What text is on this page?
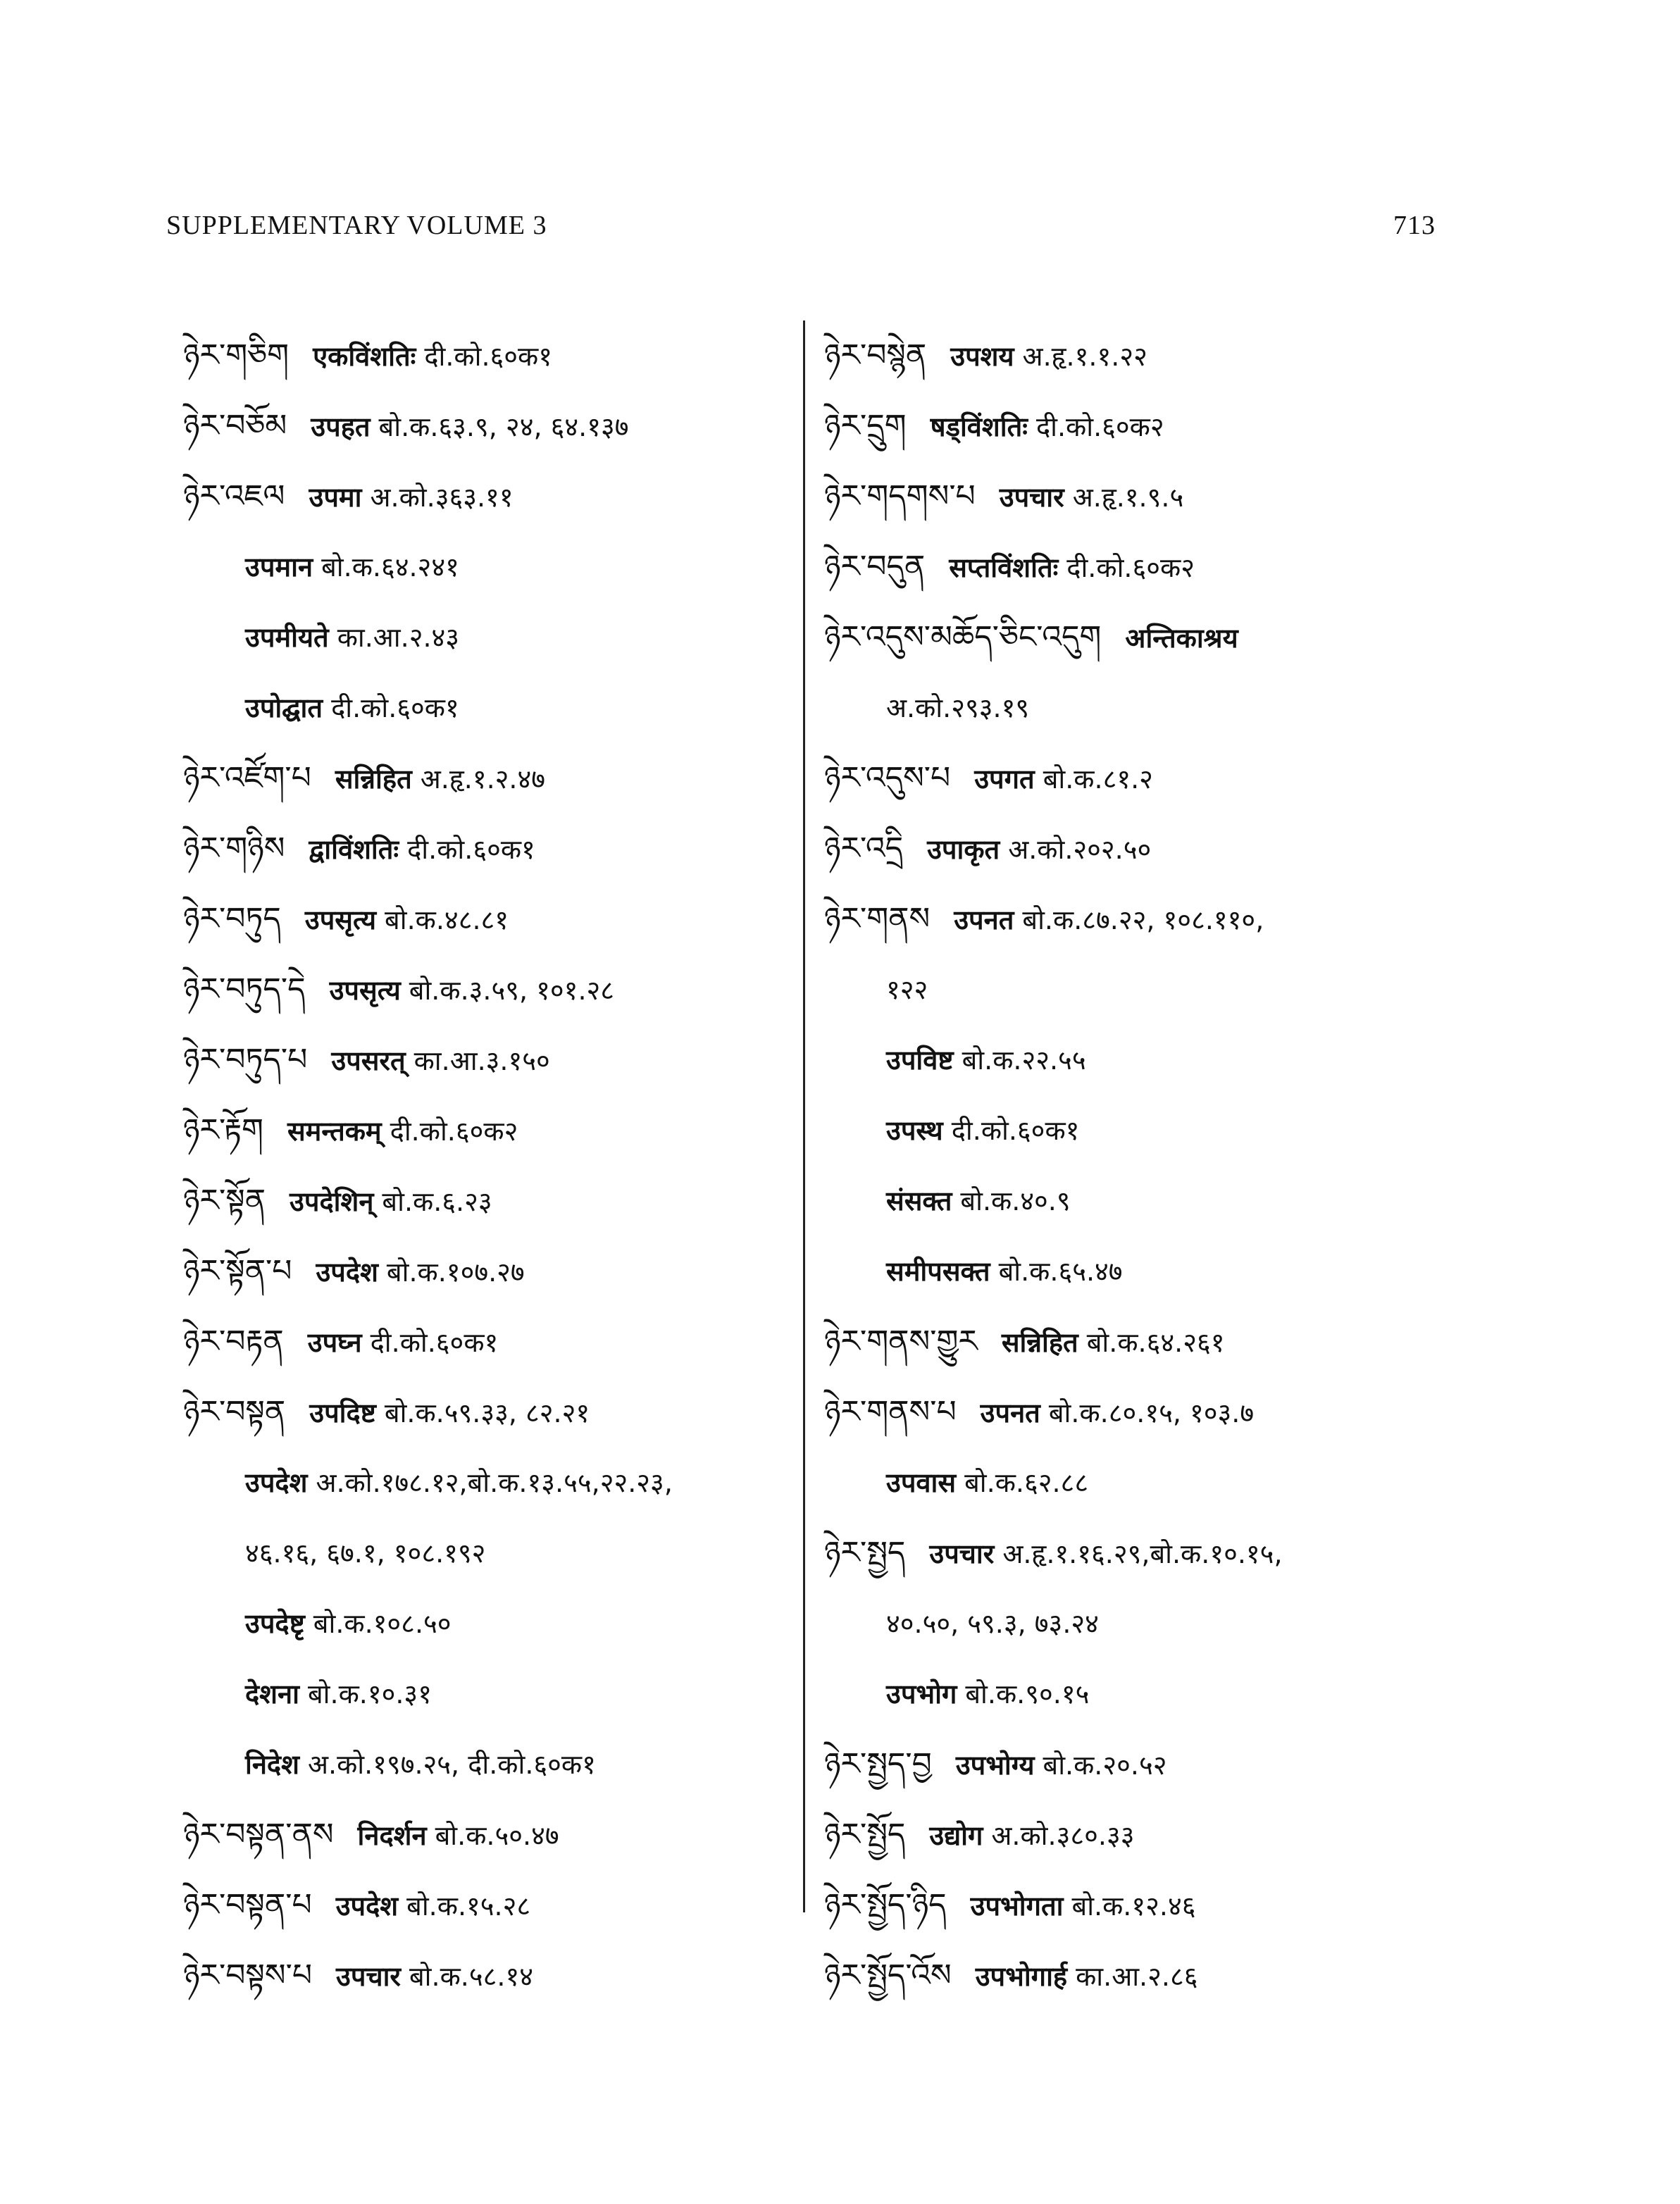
SUPPLEMENTARY VOLUME 3	713
ཉེར་གཅིག एकविंशतिः दी.को.६०क१
ཉེར་བཅོམ उपहत बो.क.६३.९, २४, ६४.१३७
ཉེར་འཇལ उपमा अ.को.३६३.११
उपमान बो.क.६४.२४१
उपमीयते का.आ.२.४३
उपोद्घात दी.को.६०क१
ཉེར་འཛོག་པ सन्निहित अ.हृ.१.२.४७
ཉེར་གཉིས द्वाविंशतिः दी.को.६०क१
ཉེར་བཏུད उपसृत्य बो.क.४८.८१
ཉེར་བཏུད་དེ उपसृत्य बो.क.३.५९, १०१.२८
ཉེར་བཏུད་པ उपसरत् का.आ.३.१५०
ཉེར་རྟོག समन्तकम् दी.को.६०क२
ཉེར་སྟོན उपदेशिन् बो.क.६.२३
ཉེར་སྟོན་པ उपदेश बो.क.१०७.२७
ཉེར་བརྟན उपघ्न दी.को.६०क१
ཉེར་བསྟན उपदिष्ट बो.क.५९.३३, ८२.२१
उपदेश अ.को.१७८.१२,बो.क.१३.५५,२२.२३,
४६.१६, ६७.१, १०८.१९२
उपदेष्टृ बो.क.१०८.५०
देशना बो.क.१०.३१
निदेश अ.को.१९७.२५, दी.को.६०क१
ཉེར་བསྟན་ནས निदर्शन बो.क.५०.४७
ཉེར་བསྟན་པ उपदेश बो.क.१५.२८
ཉེར་བསྟས་པ उपचार बो.क.५८.१४
ཉེར་བསྙེན उपशय अ.हृ.१.१.२२
ཉེར་དྲུག षड्विंशतिः दी.को.६०क२
ཉེར་གདགས་པ उपचार अ.हृ.१.९.५
ཉེར་བདུན सप्तविंशतिः दी.को.६०क२
ཉེར་འདུས་མཆོད་ཅིང་འདུག अन्तिकाश्रय
अ.को.२९३.१९
ཉེར་འདུས་པ उपगत बो.क.८१.२
ཉེར་འདྲི उपाकृत अ.को.२०२.५०
ཉེར་གནས उपनत बो.क.८७.२२, १०८.११०,
१२२
उपविष्ट बो.क.२२.५५
उपस्थ दी.को.६०क१
संसक्त बो.क.४०.९
समीपसक्त बो.क.६५.४७
ཉེར་གནས་གྱུར सन्निहित बो.क.६४.२६१
ཉེར་གནས་པ उपनत बो.क.८०.१५, १०३.७
उपवास बो.क.६२.८८
ཉེར་སྤྱད उपचार अ.हृ.१.१६.२९,बो.क.१०.१५,
४०.५०, ५९.३, ७३.२४
उपभोग बो.क.९०.१५
ཉེར་སྤྱད་བྱ उपभोग्य बो.क.२०.५२
ཉེར་སྤྱོད उद्योग अ.को.३८०.३३
ཉེར་སྤྱོད་ཉིད उपभोगता बो.क.१२.४६
ཉེར་སྤྱོད་འོས उपभोगार्ह का.आ.२.८६
